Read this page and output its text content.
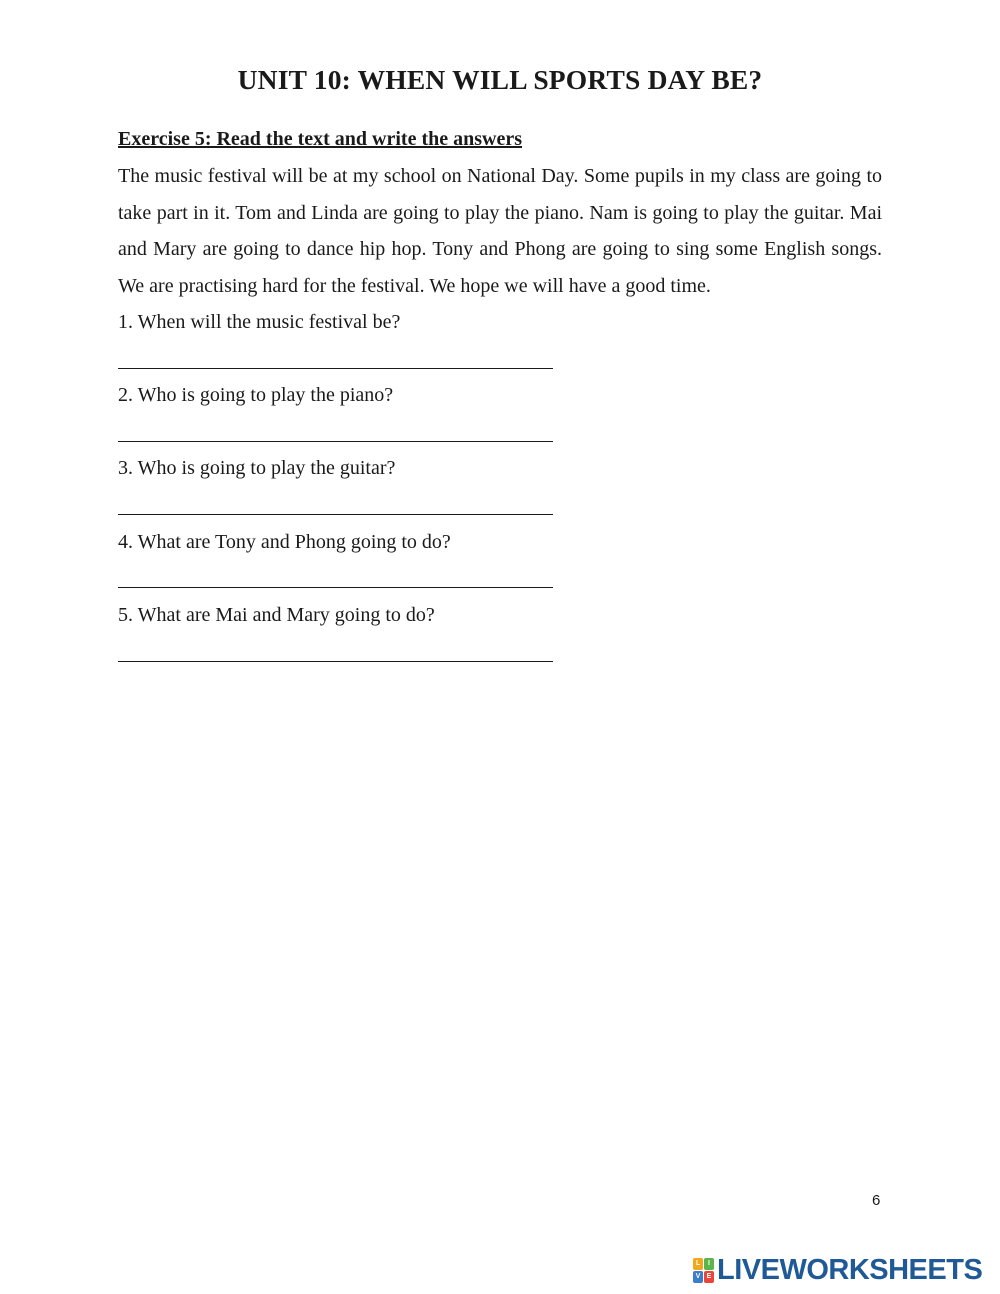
UNIT 10: WHEN WILL SPORTS DAY BE?
Exercise 5: Read the text and write the answers

The music festival will be at my school on National Day. Some pupils in my class are going to take part in it. Tom and Linda are going to play the piano. Nam is going to play the guitar. Mai and Mary are going to dance hip hop. Tony and Phong are going to sing some English songs. We are practising hard for the festival. We hope we will have a good time.

1. When will the music festival be?
2. Who is going to play the piano?
3. Who is going to play the guitar?
4. What are Tony and Phong going to do?
5. What are Mai and Mary going to do?
6
L	I
V E LIVEWORKSHEETS
